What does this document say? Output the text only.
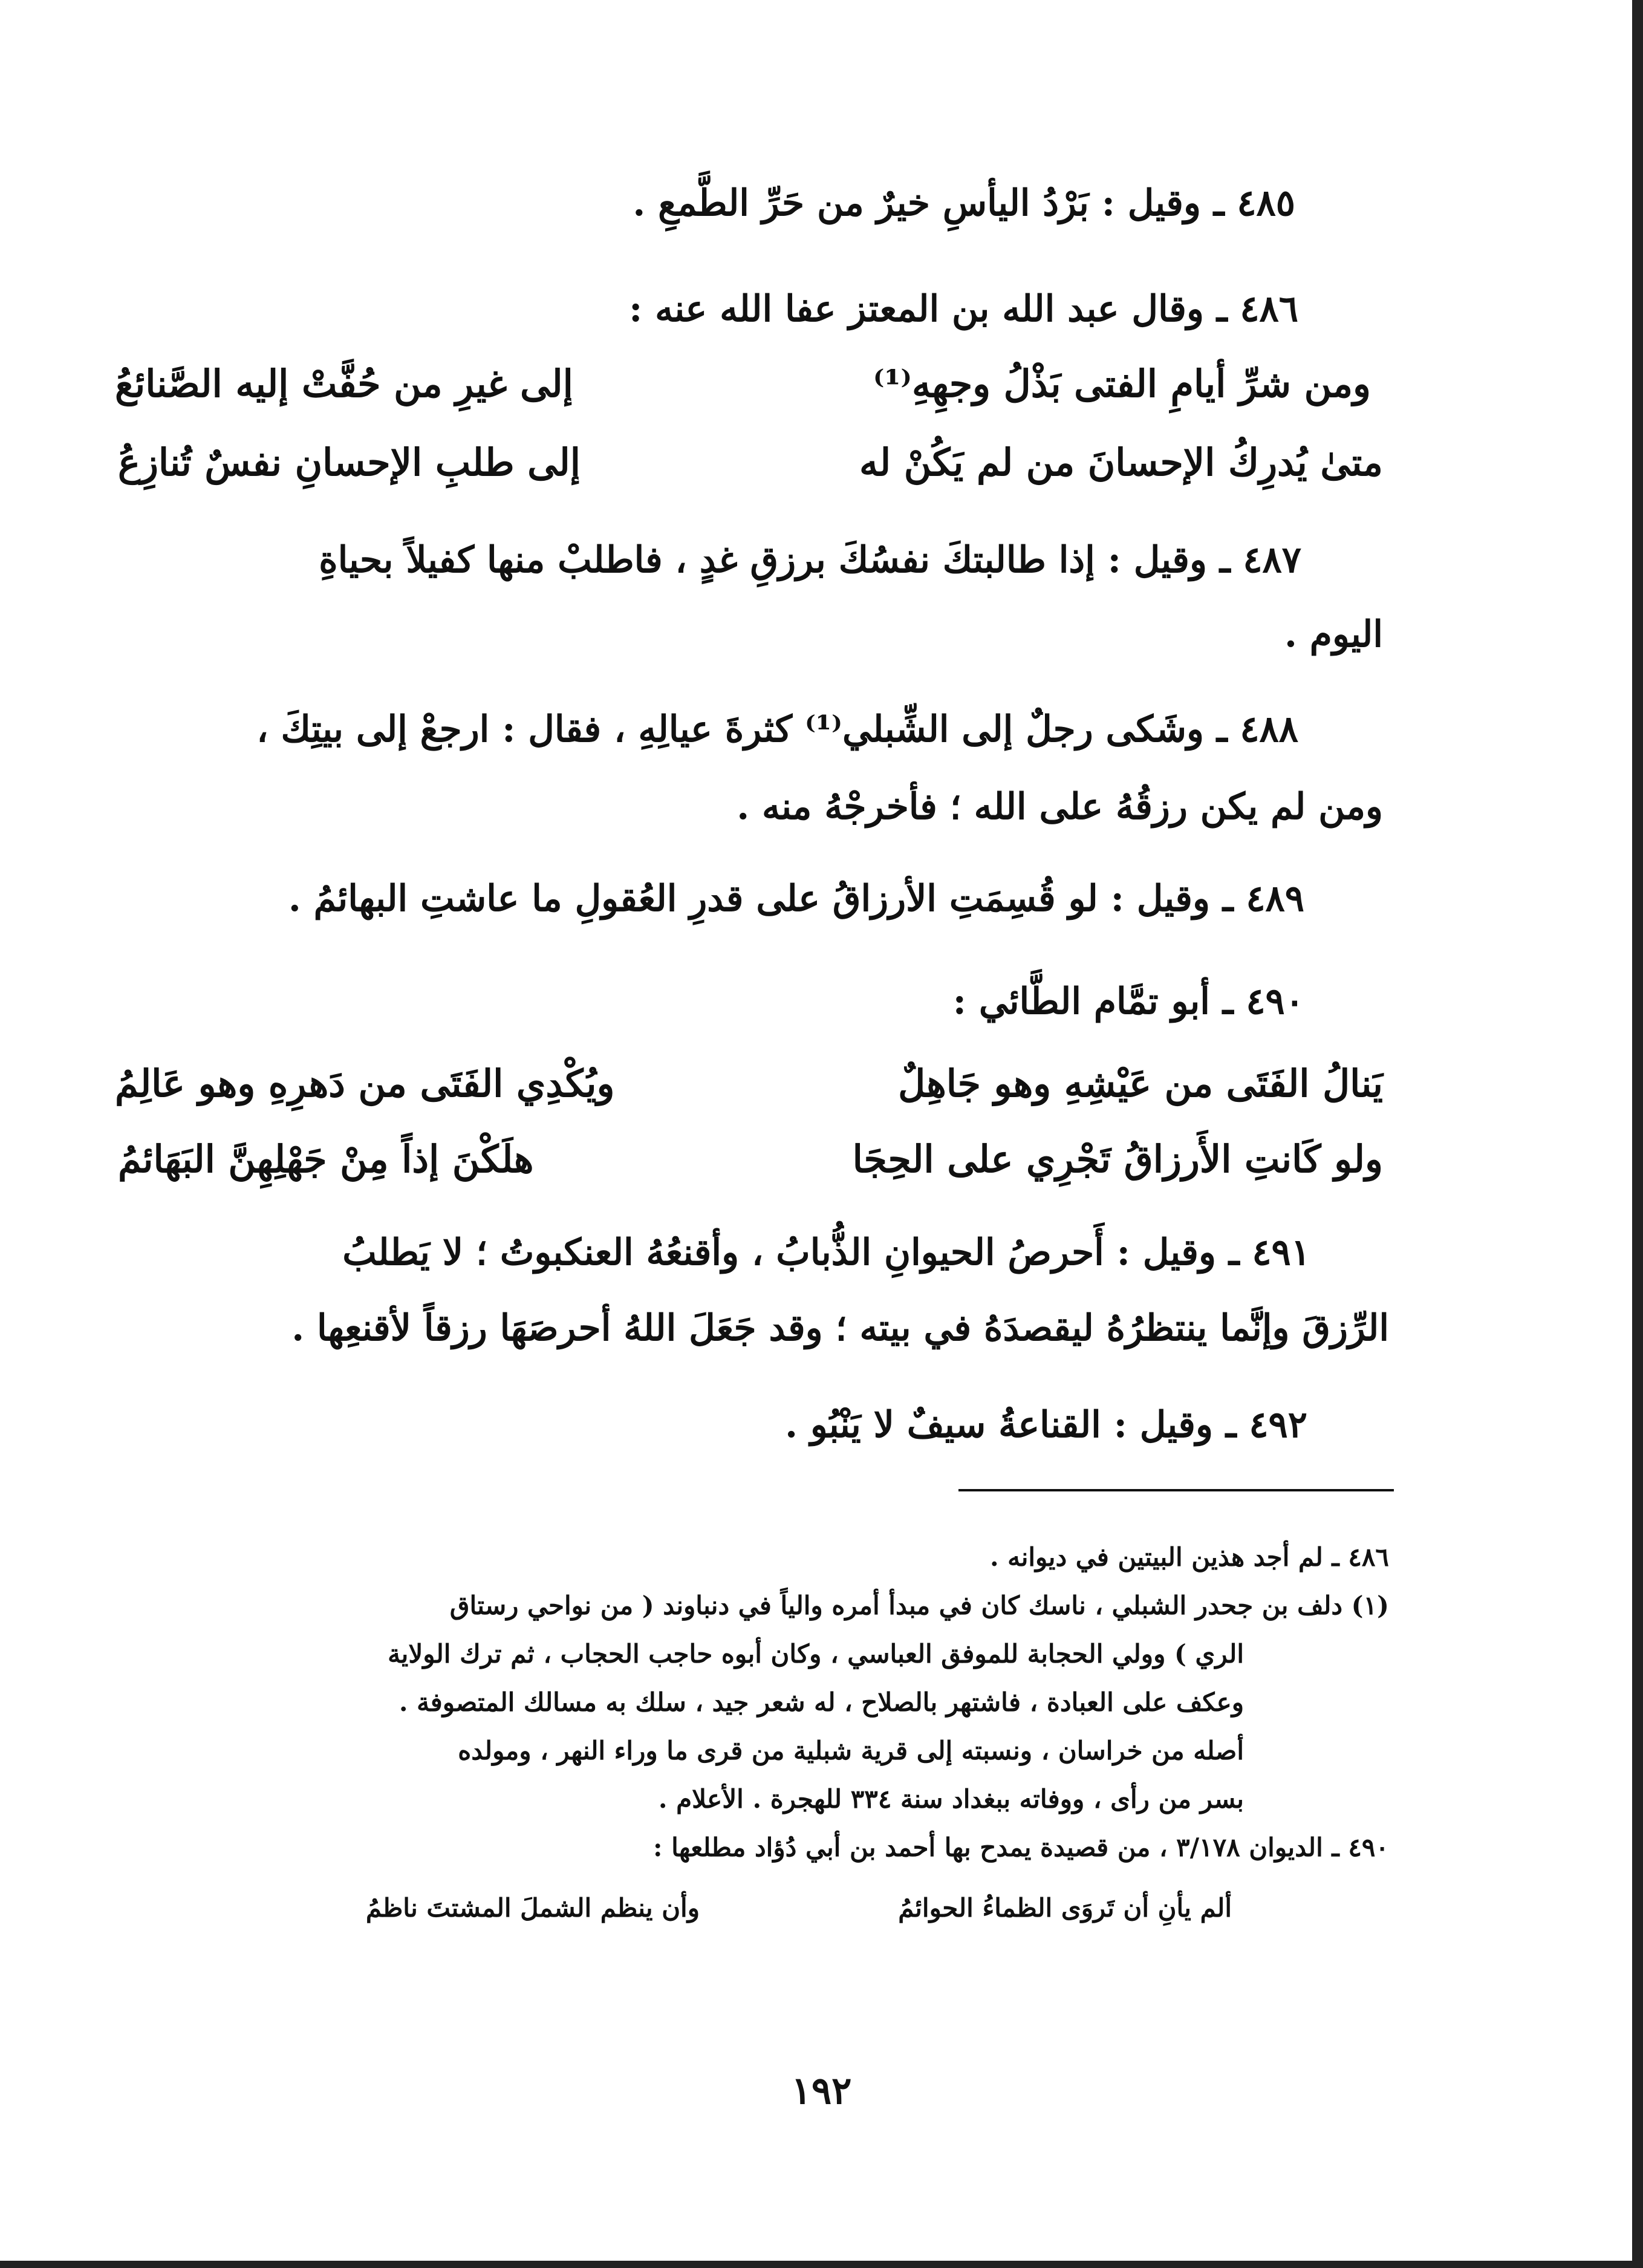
٤٨٥ ـ وقيل : بَرْدُ اليأسِ خيرٌ من حَرِّ الطَّمعِ .
٤٨٦ ـ وقال عبد الله بن المعتز عفا الله عنه :
ومن شرِّ أيامِ الفتى بَذْلُ وجهِهِ⁽¹⁾
إلى غيرِ من حُفَّتْ إليه الصَّنائعُ
متىٰ يُدرِكُ الإحسانَ من لم يَكُنْ له
إلى طلبِ الإحسانِ نفسٌ تُنازِعُ
٤٨٧ ـ وقيل : إذا طالبتكَ نفسُكَ برزقِ غدٍ ، فاطلبْ منها كفيلاً بحياةِ
اليوم .
٤٨٨ ـ وشَكى رجلٌ إلى الشِّبلي⁽¹⁾ كثرةَ عيالِهِ ، فقال : ارجعْ إلى بيتِكَ ،
ومن لم يكن رزقُهُ على الله ؛ فأخرجْهُ منه .
٤٨٩ ـ وقيل : لو قُسِمَتِ الأرزاقُ على قدرِ العُقولِ ما عاشتِ البهائمُ .
٤٩٠ ـ أبو تمَّام الطَّائي :
يَنالُ الفَتَى من عَيْشِهِ وهو جَاهِلٌ
ويُكْدِي الفَتَى من دَهرِهِ وهو عَالِمُ
ولو كَانتِ الأَرزاقُ تَجْرِي على الحِجَا
هلَكْنَ إذاً مِنْ جَهْلِهِنَّ البَهَائمُ
٤٩١ ـ وقيل : أَحرصُ الحيوانِ الذُّبابُ ، وأقنعُهُ العنكبوتُ ؛ لا يَطلبُ
الرِّزقَ وإنَّما ينتظرُهُ ليقصدَهُ في بيته ؛ وقد جَعَلَ اللهُ أحرصَهَا رزقاً لأقنعِها .
٤٩٢ ـ وقيل : القناعةُ سيفٌ لا يَنْبُو .
٤٨٦ ـ لم أجد هذين البيتين في ديوانه .
(١) دلف بن جحدر الشبلي ، ناسك كان في مبدأ أمره والياً في دنباوند ( من نواحي رستاق
الري ) وولي الحجابة للموفق العباسي ، وكان أبوه حاجب الحجاب ، ثم ترك الولاية
وعكف على العبادة ، فاشتهر بالصلاح ، له شعر جيد ، سلك به مسالك المتصوفة .
أصله من خراسان ، ونسبته إلى قرية شبلية من قرى ما وراء النهر ، ومولده
بسر من رأى ، ووفاته ببغداد سنة ٣٣٤ للهجرة . الأعلام .
٤٩٠ ـ الديوان ٣/١٧٨ ، من قصيدة يمدح بها أحمد بن أبي دُؤاد مطلعها :
ألم يأنِ أن تَروَى الظماءُ الحوائمُ
وأن ينظم الشملَ المشتتَ ناظمُ
١٩٢
